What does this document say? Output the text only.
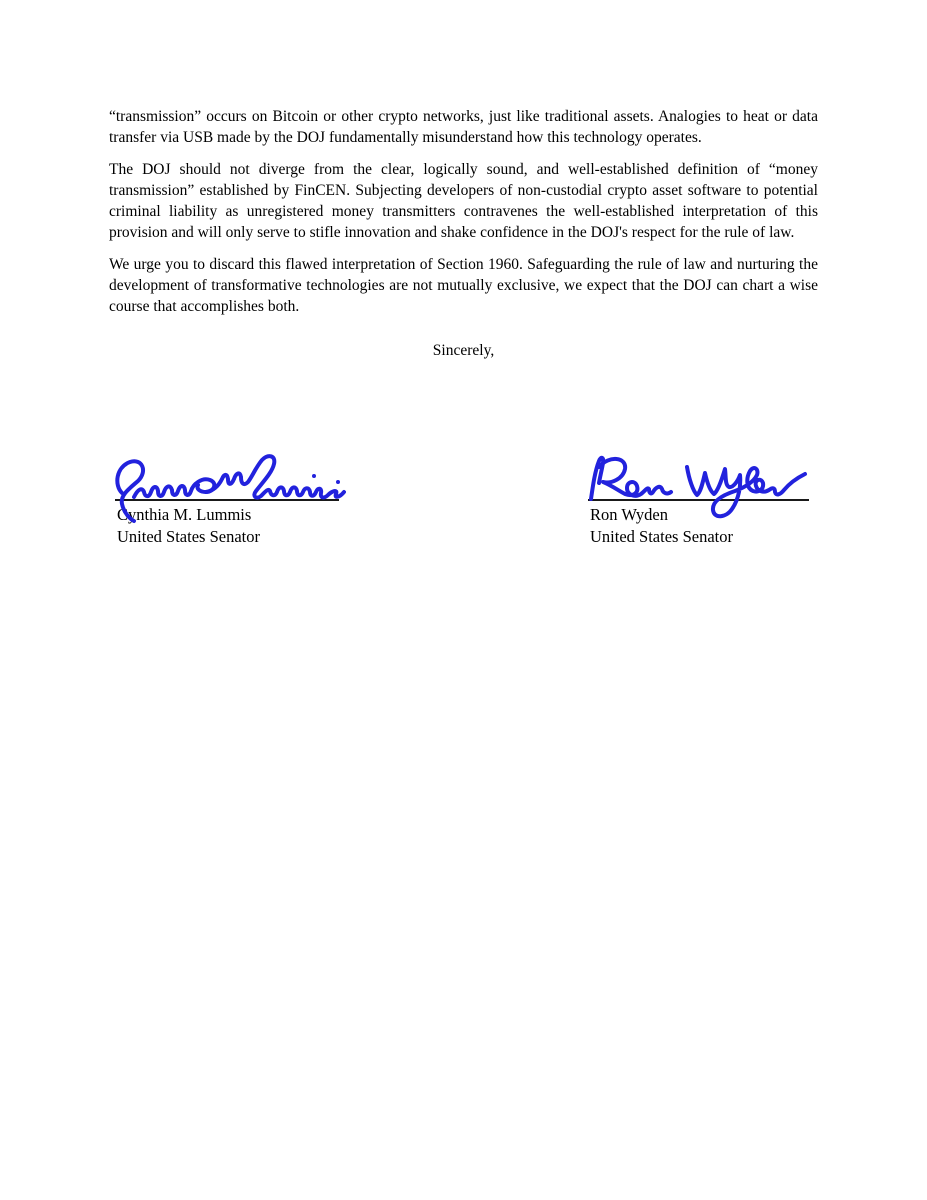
“transmission” occurs on Bitcoin or other crypto networks, just like traditional assets. Analogies to heat or data transfer via USB made by the DOJ fundamentally misunderstand how this technology operates.

The DOJ should not diverge from the clear, logically sound, and well-established definition of “money transmission” established by FinCEN. Subjecting developers of non-custodial crypto asset software to potential criminal liability as unregistered money transmitters contravenes the well-established interpretation of this provision and will only serve to stifle innovation and shake confidence in the DOJ's respect for the rule of law.

We urge you to discard this flawed interpretation of Section 1960. Safeguarding the rule of law and nurturing the development of transformative technologies are not mutually exclusive, we expect that the DOJ can chart a wise course that accomplishes both.

Sincerely,

Cynthia M. Lummis
United States Senator
Ron Wyden
United States Senator
